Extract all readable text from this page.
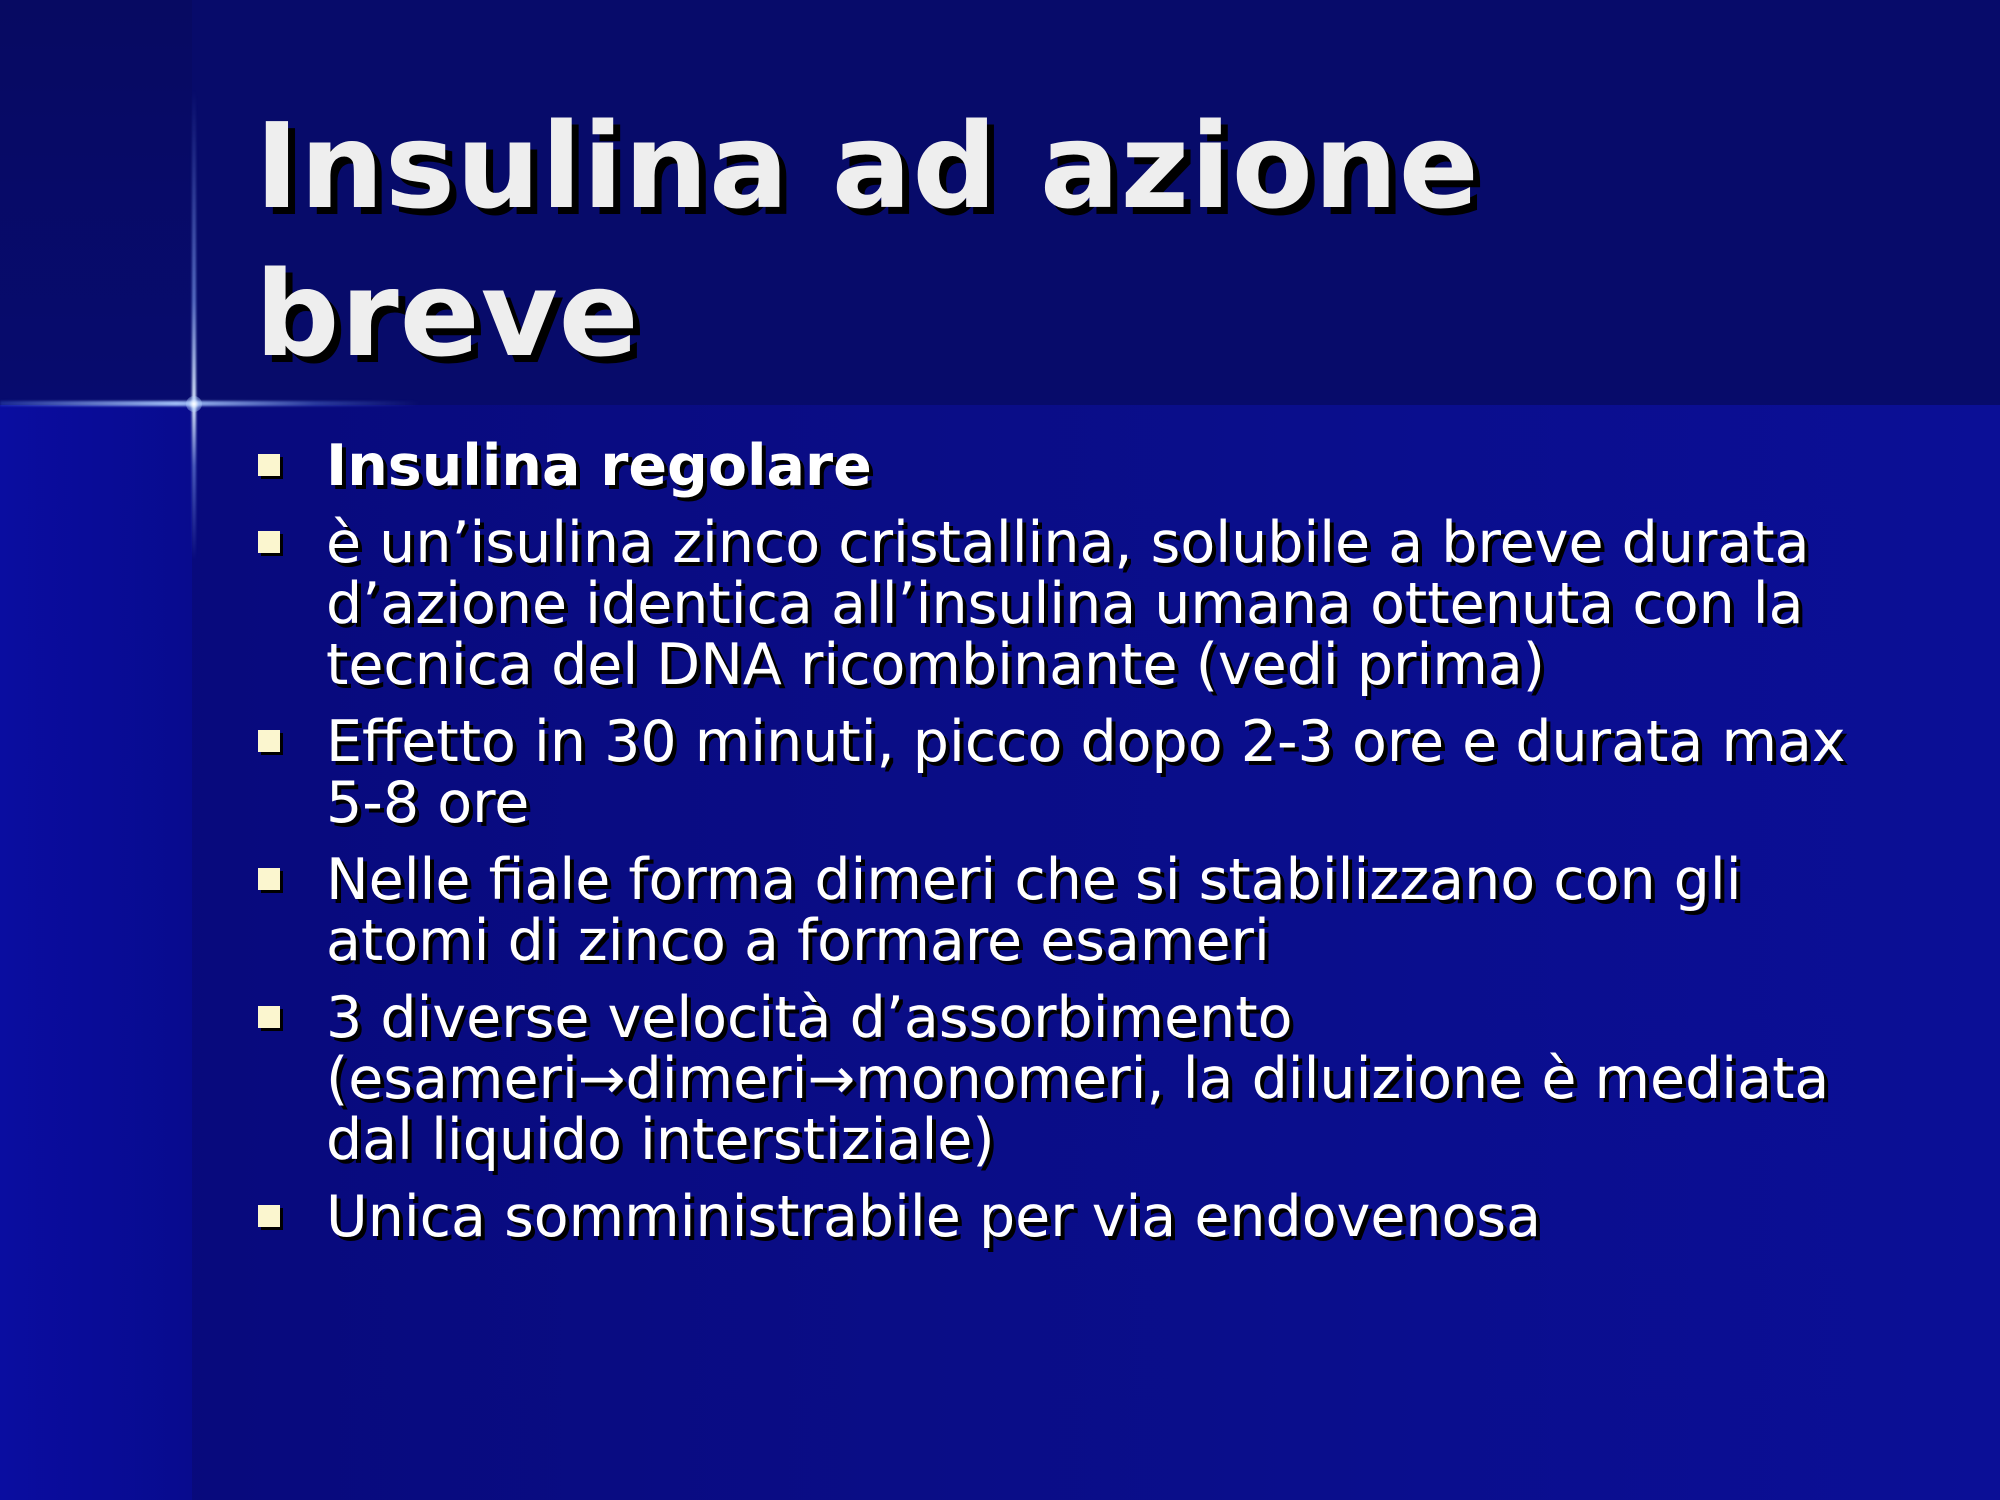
Insulina ad azione breve
Insulina regolare
è un’isulina zinco cristallina, solubile a breve durata d’azione identica all’insulina umana ottenuta con la tecnica del DNA ricombinante (vedi prima)
Effetto in 30 minuti, picco dopo 2-3 ore e durata max 5-8 ore
Nelle fiale forma dimeri che si stabilizzano con gli atomi di zinco a formare esameri
3 diverse velocità d’assorbimento (esameri→dimeri→monomeri, la diluizione è mediata dal liquido interstiziale)
Unica somministrabile per via endovenosa
